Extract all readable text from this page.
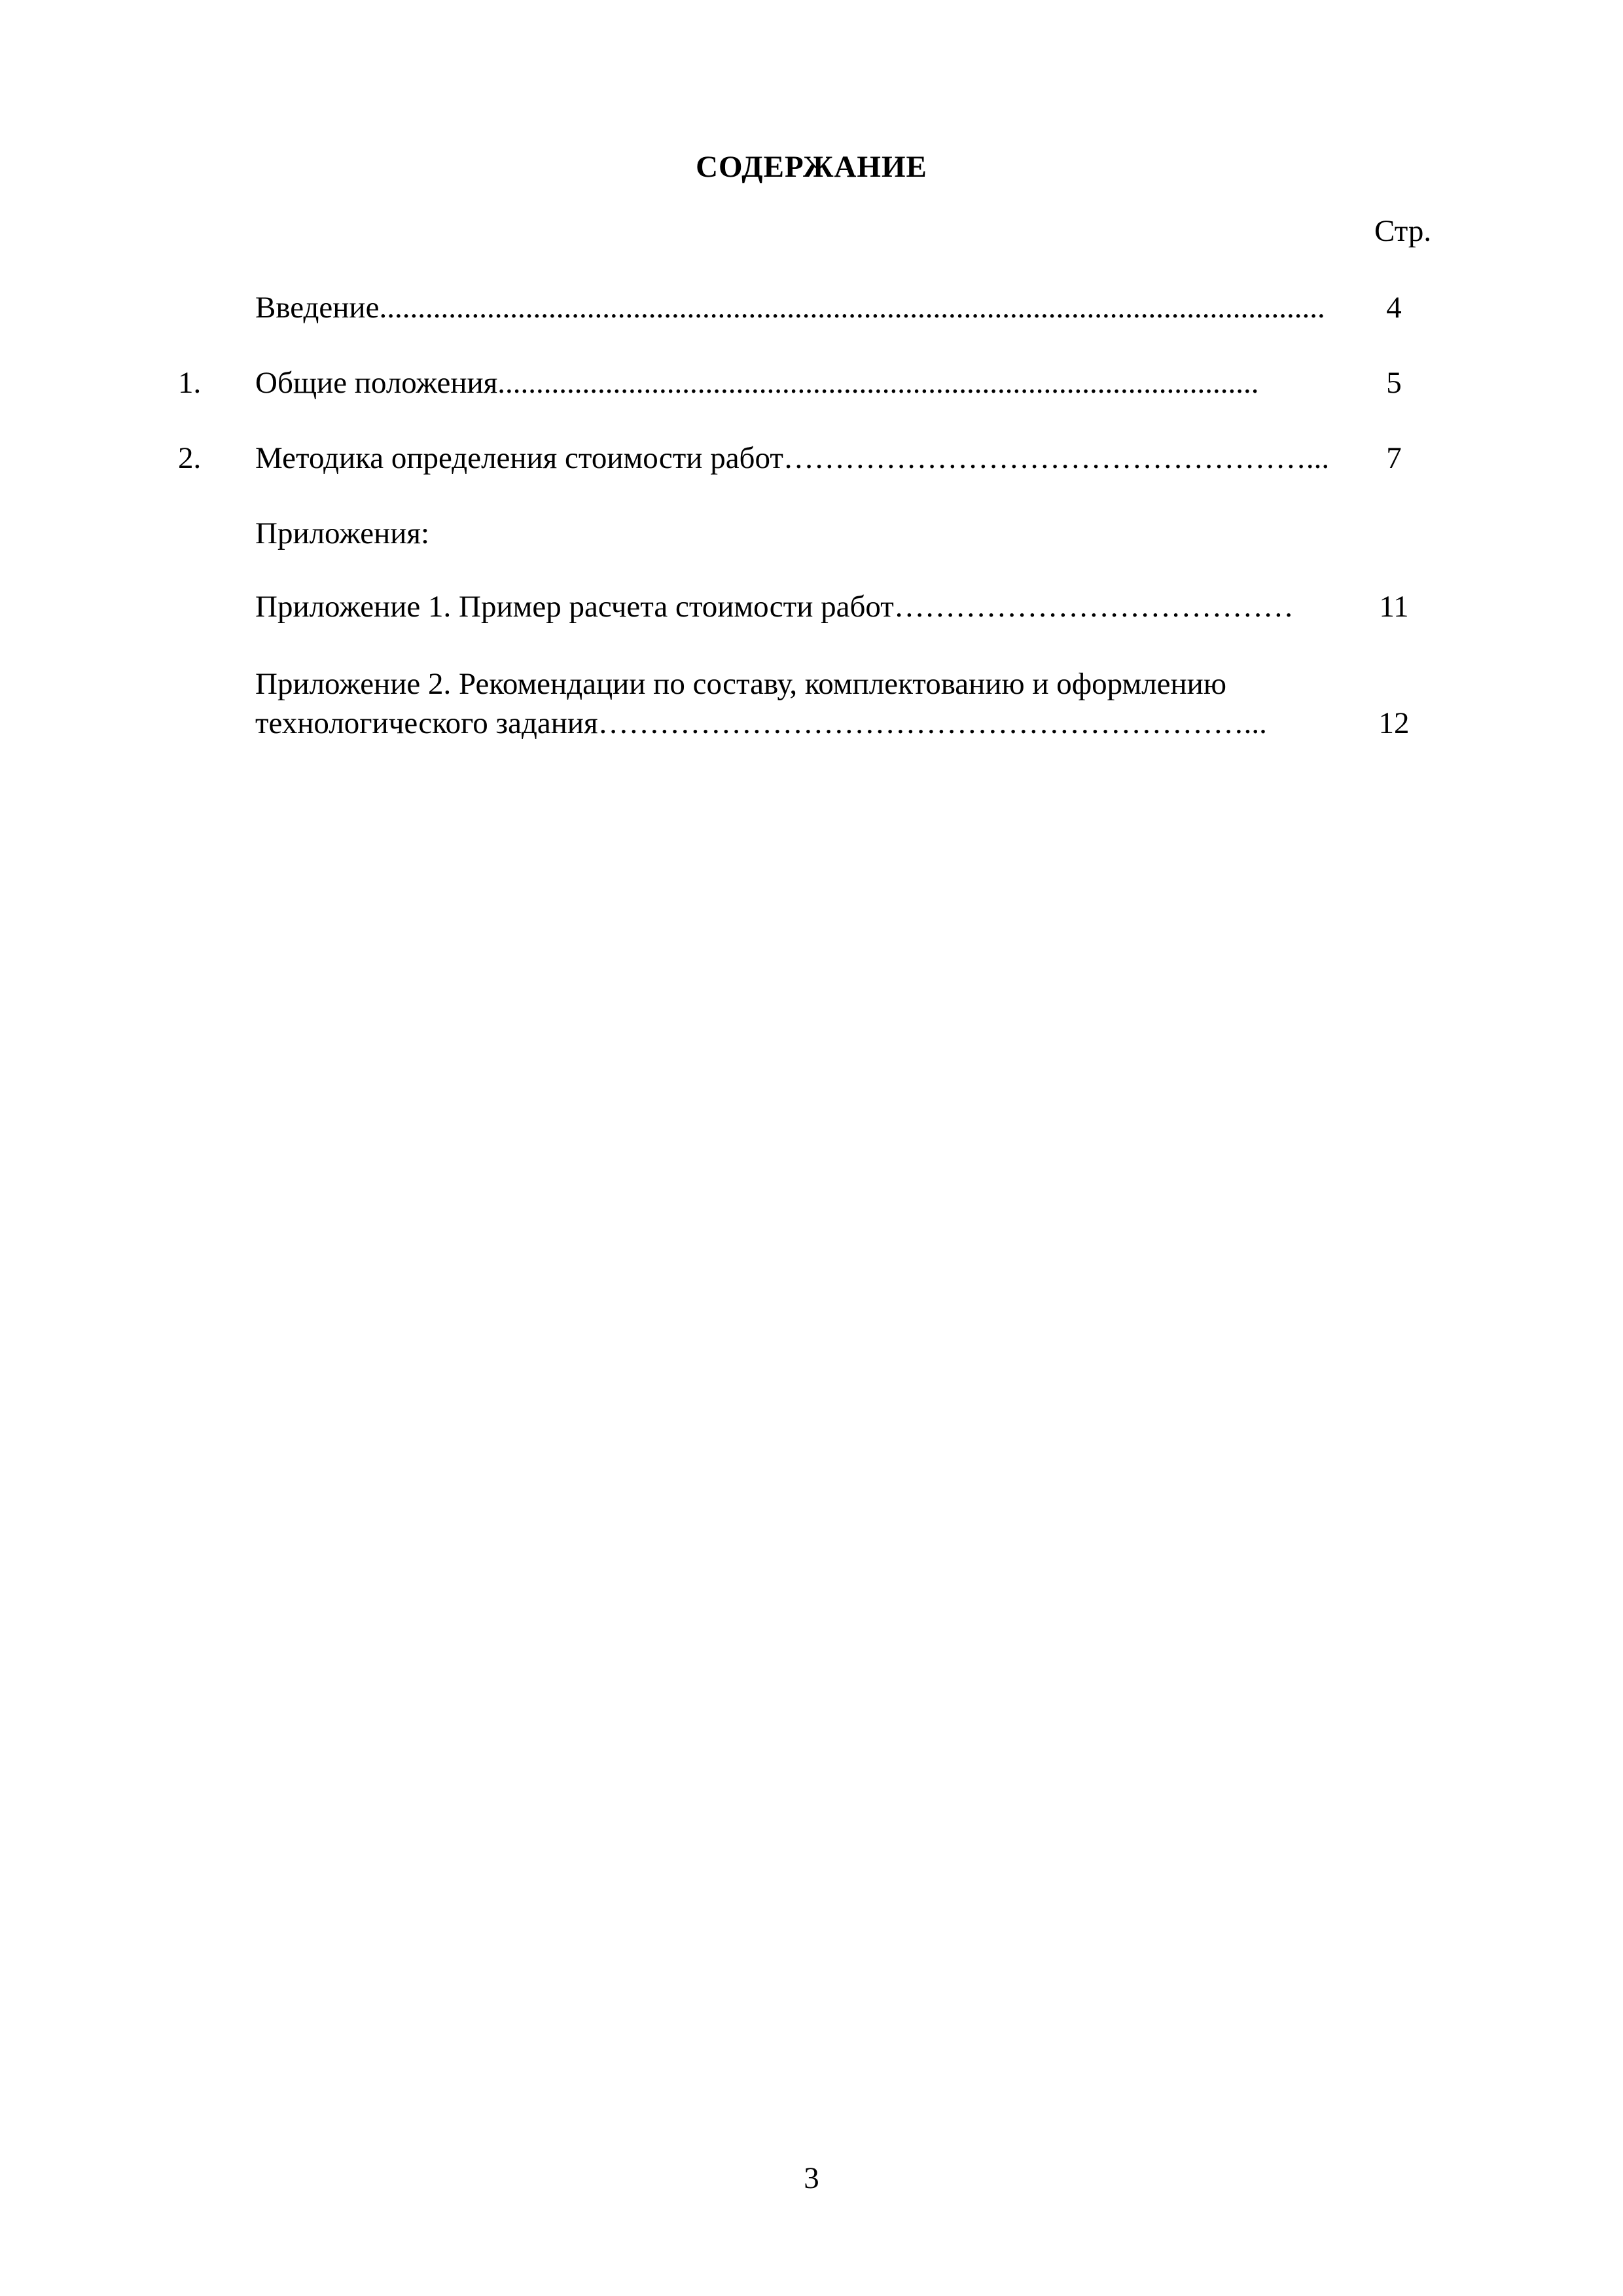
СОДЕРЖАНИЕ
Стр.
Введение...........................................................................................................................	4
1. Общие положения...................................................................................................	5
2. Методика определения стоимости работ……………………………………………...	7
Приложения:
Приложение 1. Пример расчета стоимости работ…………………………………	11
Приложение 2. Рекомендации по составу, комплектованию и оформлению
технологического задания………………………………………………………...	12
3
